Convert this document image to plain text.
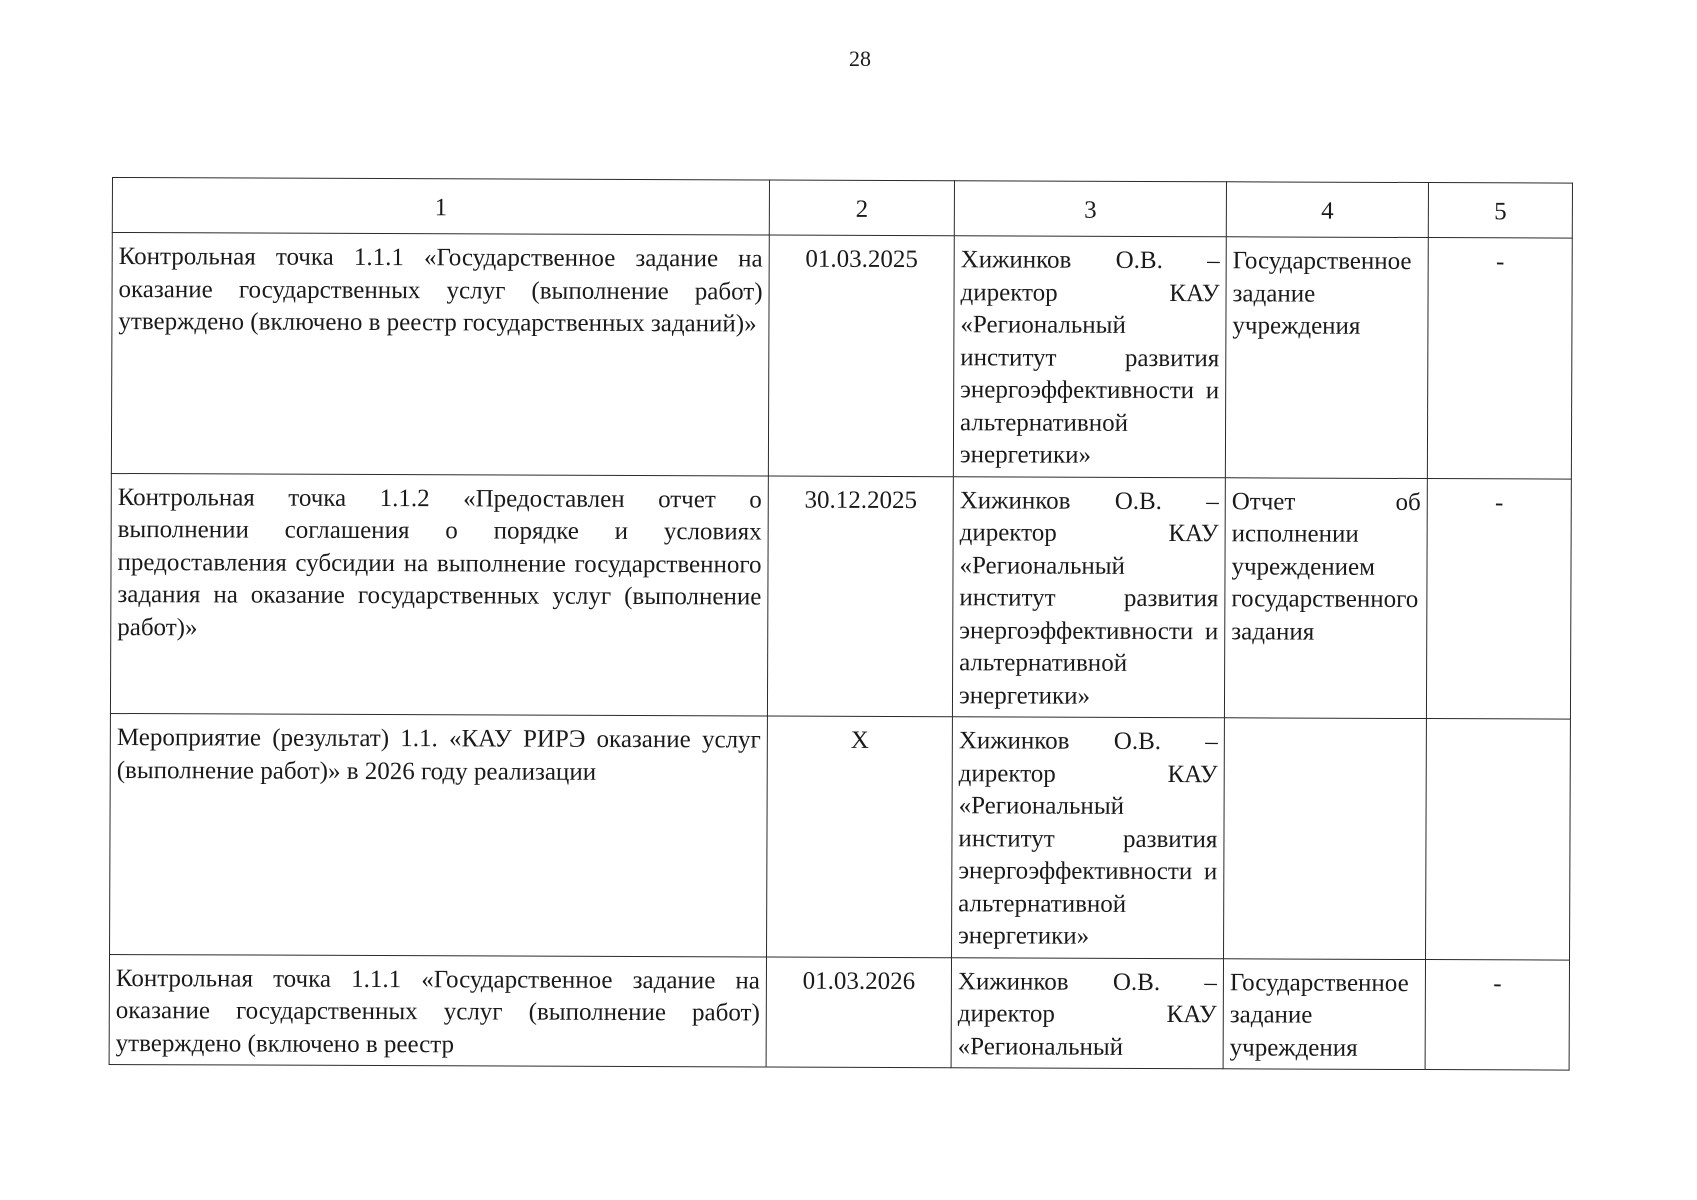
28
1	2	3	4	5
Контрольная точка 1.1.1 «Государственное задание на оказание государственных услуг (выполнение работ) утверждено (включено в реестр государственных заданий)»	01.03.2025	Хижинков О.В. – директор КАУ «Региональный институт развития энергоэффективности и альтернативной энергетики»	Государственное задание учреждения	-
Контрольная точка 1.1.2 «Предоставлен отчет о выполнении соглашения о порядке и условиях предоставления субсидии на выполнение государственного задания на оказание государственных услуг (выполнение работ)»	30.12.2025	Хижинков О.В. – директор КАУ «Региональный институт развития энергоэффективности и альтернативной энергетики»	Отчет об исполнении учреждением государственного задания	-
Мероприятие (результат) 1.1. «КАУ РИРЭ оказание услуг (выполнение работ)» в 2026 году реализации	X	Хижинков О.В. – директор КАУ «Региональный институт развития энергоэффективности и альтернативной энергетики»		
Контрольная точка 1.1.1 «Государственное задание на оказание государственных услуг (выполнение работ) утверждено (включено в реестр	01.03.2026	Хижинков О.В. – директор КАУ «Региональный	Государственное задание учреждения	-
